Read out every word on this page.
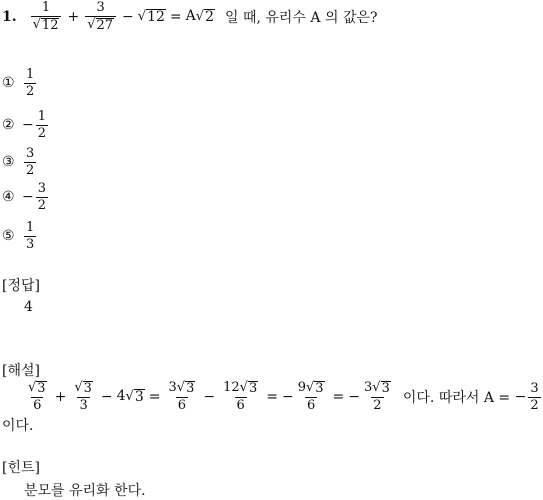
1. $\frac{1}{√ 12} + \frac{3}{√ 27}$ − √ 12 = A √ 2 일 때, 유리수 A 의 값은?
① $\frac{1}{2}$
② − $\frac{1}{2}$
③ $\frac{3}{2}$
④ − $\frac{3}{2}$
⑤ $\frac{1}{3}$
[정답]
4
[해설]
$\frac{√ 3}{6} + \frac{√ 3}{3} - 4$ √ $3 = \frac{3 √ 3}{6} - \frac{12 √ 3}{6}$ = − $\frac{9 √ 3}{6}$ = − $\frac{3 √ 3}{2}$ 이다. 따라서 A = − $\frac{3}{2}$
이다.
[힌트]
분모를 유리화 한다.
